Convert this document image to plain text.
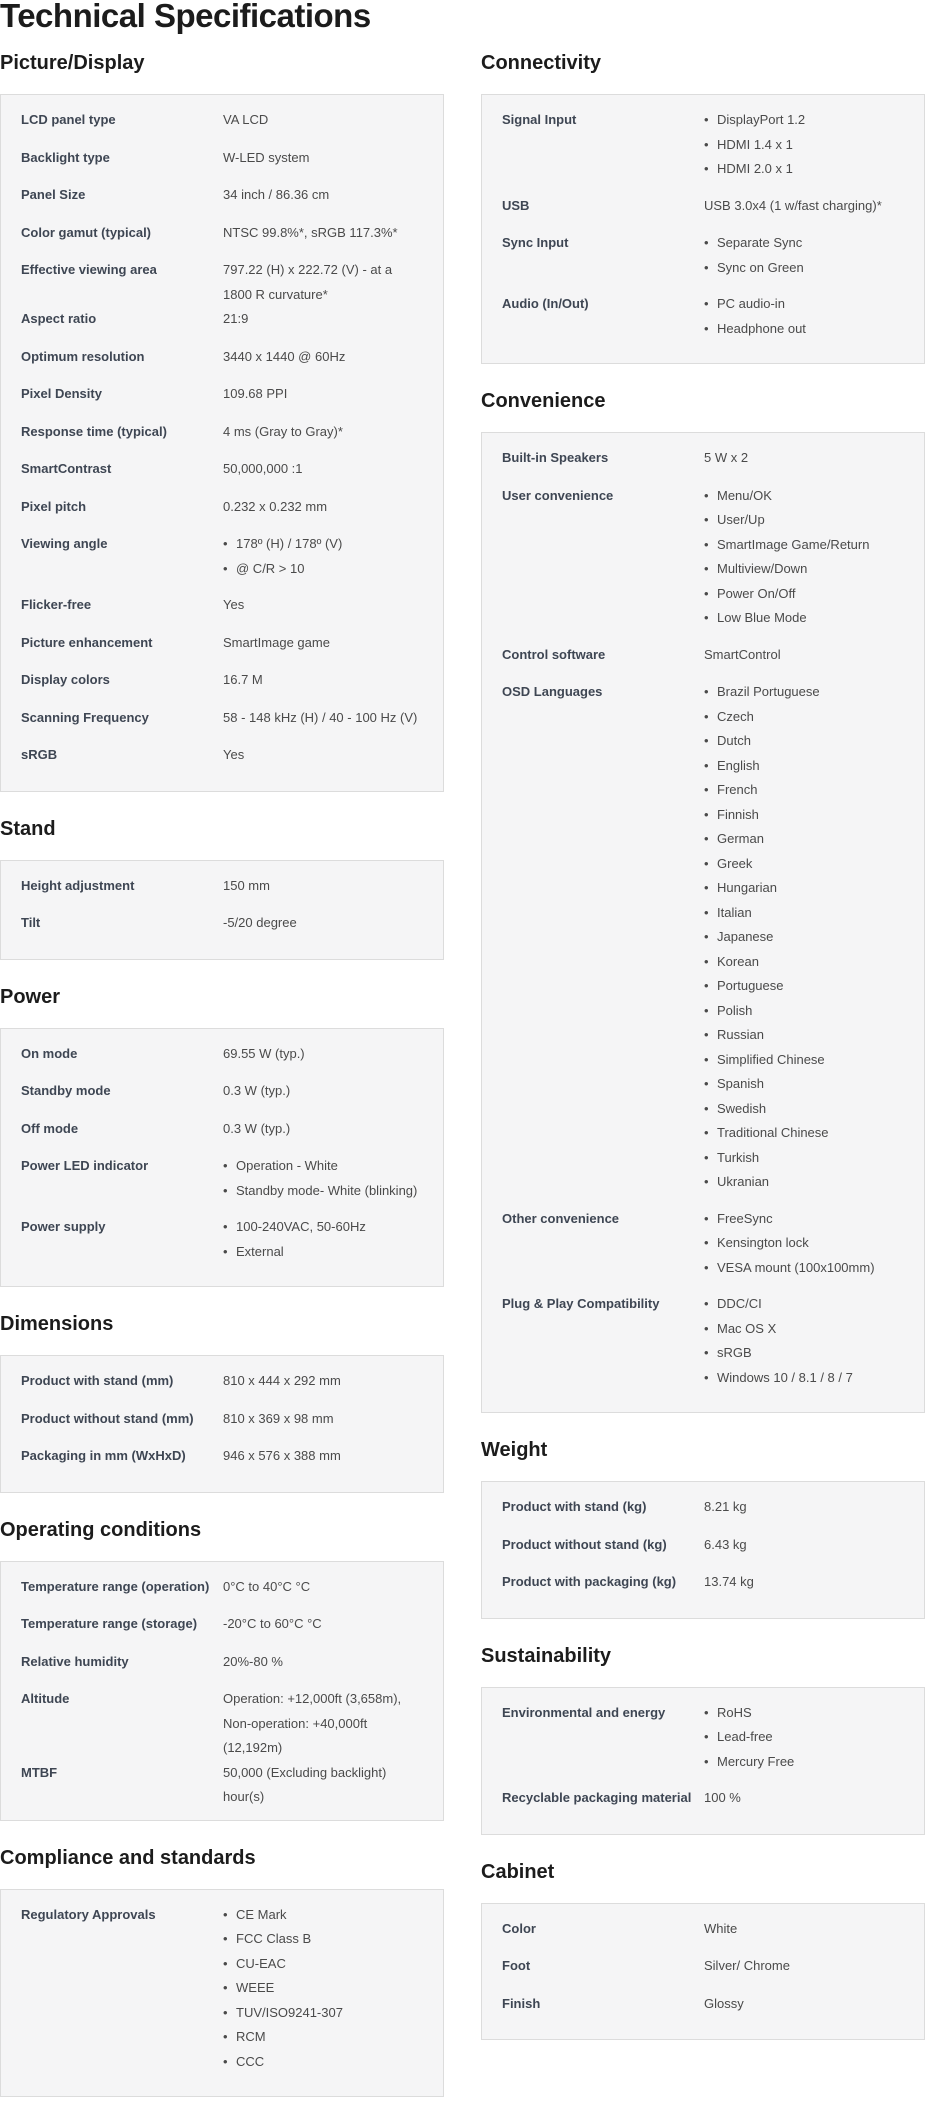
Technical Specifications
Picture/Display
LCD panel type	VA LCD
Backlight type	W-LED system
Panel Size	34 inch / 86.36 cm
Color gamut (typical)	NTSC 99.8%*, sRGB 117.3%*
Effective viewing area	797.22 (H) x 222.72 (V) - at a 1800 R curvature*
Aspect ratio	21:9
Optimum resolution	3440 x 1440 @ 60Hz
Pixel Density	109.68 PPI
Response time (typical)	4 ms (Gray to Gray)*
SmartContrast	50,000,000 :1
Pixel pitch	0.232 x 0.232 mm
Viewing angle	• 178º (H) / 178º (V)
• @ C/R > 10
Flicker-free	Yes
Picture enhancement	SmartImage game
Display colors	16.7 M
Scanning Frequency	58 - 148 kHz (H) / 40 - 100 Hz (V)
sRGB	Yes
Stand
Height adjustment	150 mm
Tilt	-5/20 degree
Power
On mode	69.55 W (typ.)
Standby mode	0.3 W (typ.)
Off mode	0.3 W (typ.)
Power LED indicator	• Operation - White
• Standby mode- White (blinking)
Power supply	• 100-240VAC, 50-60Hz
• External
Dimensions
Product with stand (mm)	810 x 444 x 292 mm
Product without stand (mm)	810 x 369 x 98 mm
Packaging in mm (WxHxD)	946 x 576 x 388 mm
Operating conditions
Temperature range (operation)	0°C to 40°C °C
Temperature range (storage)	-20°C to 60°C °C
Relative humidity	20%-80 %
Altitude	Operation: +12,000ft (3,658m), Non-operation: +40,000ft (12,192m)
MTBF	50,000 (Excluding backlight) hour(s)
Compliance and standards
Regulatory Approvals	• CE Mark
• FCC Class B
• CU-EAC
• WEEE
• TUV/ISO9241-307
• RCM
• CCC
Connectivity
Signal Input	• DisplayPort 1.2
• HDMI 1.4 x 1
• HDMI 2.0 x 1
USB	USB 3.0x4 (1 w/fast charging)*
Sync Input	• Separate Sync
• Sync on Green
Audio (In/Out)	• PC audio-in
• Headphone out
Convenience
Built-in Speakers	5 W x 2
User convenience	• Menu/OK
• User/Up
• SmartImage Game/Return
• Multiview/Down
• Power On/Off
• Low Blue Mode
Control software	SmartControl
OSD Languages	• Brazil Portuguese
• Czech
• Dutch
• English
• French
• Finnish
• German
• Greek
• Hungarian
• Italian
• Japanese
• Korean
• Portuguese
• Polish
• Russian
• Simplified Chinese
• Spanish
• Swedish
• Traditional Chinese
• Turkish
• Ukranian
Other convenience	• FreeSync
• Kensington lock
• VESA mount (100x100mm)
Plug & Play Compatibility	• DDC/CI
• Mac OS X
• sRGB
• Windows 10 / 8.1 / 8 / 7
Weight
Product with stand (kg)	8.21 kg
Product without stand (kg)	6.43 kg
Product with packaging (kg)	13.74 kg
Sustainability
Environmental and energy	• RoHS
• Lead-free
• Mercury Free
Recyclable packaging material 100 %
Cabinet
Color	White
Foot	Silver/ Chrome
Finish	Glossy
